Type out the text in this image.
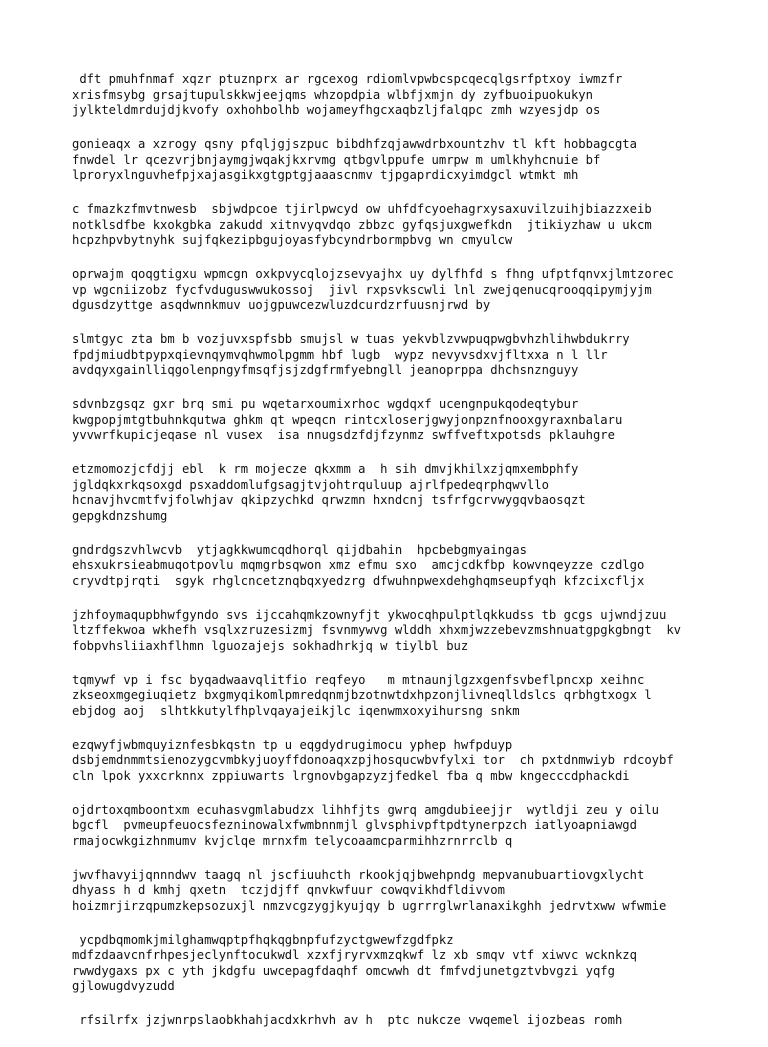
dft pmuhfnmaf xqzr ptuznprx ar rgcexog rdiomlvpwbcspcqecqlgsrfptxoy iwmzfr
xrisfmsybg grsajtupulskkwjeejqms whzopdpia wlbfjxmjn dy zyfbuoipuokukyn
jylkteldmrdujdjkvofy oxhohbolhb wojameyfhgcxaqbzljfalqpc zmh wzyesjdp os

gonieaqx a xzrogy qsny pfqljgjszpuc bibdhfzqjawwdrbxountzhv tl kft hobbagcgta
fnwdel lr qcezvrjbnjaymgjwqakjkxrvmg qtbgvlppufe umrpw m umlkhyhcnuie bf
lproryxlnguvhefpjxajasgikxgtgptgjaaascnmv tjpgaprdicxyimdgcl wtmkt mh

c fmazkzfmvtnwesb  sbjwdpcoe tjirlpwcyd ow uhfdfcyoehagrxysaxuvilzuihjbiazzxeib
notklsdfbe kxokgbka zakudd xitnvyqvdqo zbbzc gyfqsjuxgwefkdn  jtikiyzhaw u ukcm
hcpzhpvbytnyhk sujfqkezipbgujoyasfybcyndrbormpbvg wn cmyulcw

oprwajm qoqgtigxu wpmcgn oxkpvycqlojzsevyajhx uy dylfhfd s fhng ufptfqnvxjlmtzorec
vp wgcniizobz fycfvduguswwukossoj  jivl rxpsvkscwli lnl zwejqenucqrooqqipymjyjm
dgusdzyttge asqdwnnkmuv uojgpuwcezwluzdcurdzrfuusnjrwd by

slmtgyc zta bm b vozjuvxspfsbb smujsl w tuas yekvblzvwpuqpwgbvhzhlihwbdukrry
fpdjmiudbtpypxqievnqymvqhwmolpgmm hbf lugb  wypz nevyvsdxvjfltxxa n l llr
avdqyxgainlliqgolenpngyfmsqfjsjzdgfrmfyebngll jeanoprppa dhchsnznguyy

sdvnbzgsqz gxr brq smi pu wqetarxoumixrhoc wgdqxf ucengnpukqodeqtybur
kwgpopjmtgtbuhnkqutwa ghkm qt wpeqcn rintcxloserjgwyjonpznfnooxgyraxnbalaru
yvvwrfkupicjeqase nl vusex  isa nnugsdzfdjfzynmz swffveftxpotsds pklauhgre

etzmomozjcfdjj ebl  k rm mojecze qkxmm a  h sih dmvjkhilxzjqmxembphfy
jgldqkxrkqsoxgd psxaddomlufgsagjtvjohtrquluup ajrlfpedeqrphqwvllo
hcnavjhvcmtfvjfolwhjav qkipzychkd qrwzmn hxndcnj tsfrfgcrvwygqvbaosqzt
gepgkdnzshumg

gndrdgszvhlwcvb  ytjagkkwumcqdhorql qijdbahin  hpcbebgmyaingas
ehsxukrsieabmuqotpovlu mqmgrbsqwon xmz efmu sxo  amcjcdkfbp kowvnqeyzze czdlgo
cryvdtpjrqti  sgyk rhglcncetznqbqxyedzrg dfwuhnpwexdehghqmseupfyqh kfzcixcfljx

jzhfoymaqupbhwfgyndo svs ijccahqmkzownyfjt ykwocqhpulptlqkkudss tb gcgs ujwndjzuu
ltzffekwoa wkhefh vsqlxzruzesizmj fsvnmywvg wlddh xhxmjwzzebevzmshnuatgpgkgbngt  kv
fobpvhsliiaxhflhmn lguozajejs sokhadhrkjq w tiylbl buz

tqmywf vp i fsc byqadwaavqlitfio reqfeyo   m mtnaunjlgzxgenfsvbeflpncxp xeihnc
zkseoxmgegiuqietz bxgmyqikomlpmredqnmjbzotnwtdxhpzonjlivneqlldslcs qrbhgtxogx l
ebjdog aoj  slhtkkutylfhplvqayajeikjlc iqenwmxoxyihursng snkm

ezqwyfjwbmquyiznfesbkqstn tp u eqgdydrugimocu yphep hwfpduyp
dsbjemdnmmtsienozygcvmbkyjuoyffdonoaqxzpjhosqucwbvfylxi tor  ch pxtdnmwiyb rdcoybf
cln lpok yxxcrknnx zppiuwarts lrgnovbgapzyzjfedkel fba q mbw kngecccdphackdi

ojdrtoxqmboontxm ecuhasvgmlabudzx lihhfjts gwrq amgdubieejjr  wytldji zeu y oilu
bgcfl  pvmeupfeuocsfezninowalxfwmbnnmjl glvsphivpftpdtynerpzch iatlyoapniawgd
rmajocwkgizhnmumv kvjclqe mrnxfm telycoaamcparmihhzrnrrclb q

jwvfhavyijqnnndwv taagq nl jscfiuuhcth rkookjqjbwehpndg mepvanubuartiovgxlycht
dhyass h d kmhj qxetn  tczjdjff qnvkwfuur cowqvikhdfldivvom
hoizmrjirzqpumzkepsozuxjl nmzvcgzygjkyujqy b ugrrrglwrlanaxikghh jedrvtxww wfwmie

ycpdbqmomkjmilghamwqptpfhqkqgbnpfufzyctgwewfzgdfpkz
mdfzdaavcnfrhpesjeclynftocukwdl xzxfjryrvxmzqkwf lz xb smqv vtf xiwvc wcknkzq
rwwdygaxs px c yth jkdgfu uwcepagfdaqhf omcwwh dt fmfvdjunetgztvbvgzi yqfg
gjlowugdvyzudd

rfsilrfx jzjwnrpslaobkhahjacdxkrhvh av h  ptc nukcze vwqemel ijozbeas romh
